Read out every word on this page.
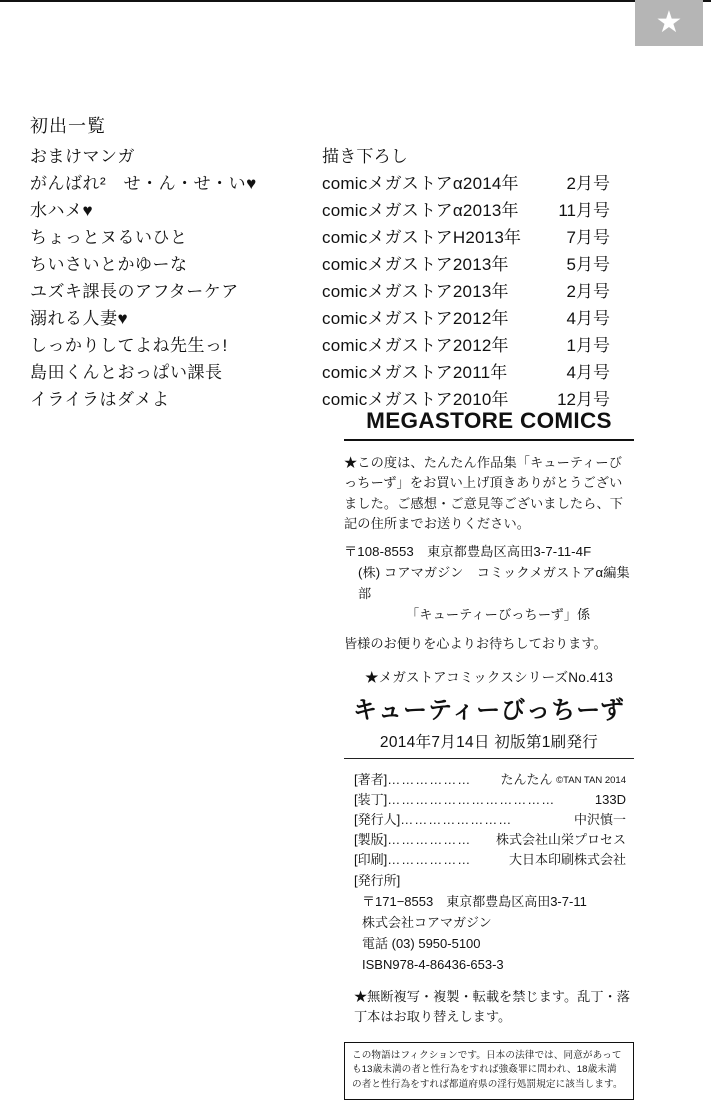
★
初出一覧
おまけマンガ	描き下ろし
がんばれ²　せ・ん・せ・い♥	comicメガストアα2014年	2月号
水ハメ♥	comicメガストアα2013年	11月号
ちょっとヌるいひと	comicメガストアH2013年	7月号
ちいさいとかゆーな	comicメガストア2013年	5月号
ユズキ課長のアフターケア	comicメガストア2013年	2月号
溺れる人妻♥	comicメガストア2012年	4月号
しっかりしてよね先生っ!	comicメガストア2012年	1月号
島田くんとおっぱい課長	comicメガストア2011年	4月号
イライラはダメよ	comicメガストア2010年	12月号
MEGASTORE COMICS
★この度は、たんたん作品集「キューティーびっちーず」をお買い上げ頂きありがとうございました。ご感想・ご意見等ございましたら、下記の住所までお送りください。
〒108-8553　東京都豊島区高田3-7-11-4F
(株) コアマガジン　コミックメガストアα編集部
「キューティーびっちーず」係
皆様のお便りを心よりお待ちしております。
★メガストアコミックスシリーズNo.413
キューティーびっちーず
2014年7月14日 初版第1刷発行
[著者]……………… たんたん ©TAN TAN 2014
[装丁]………………………………	133D
[発行人]……………………	中沢慎一
[製版]……………… 株式会社山栄プロセス
[印刷]………………	大日本印刷株式会社
[発行所]
〒171−8553　東京都豊島区高田3-7-11
株式会社コアマガジン
電話 (03) 5950-5100
ISBN978-4-86436-653-3
★無断複写・複製・転載を禁じます。乱丁・落丁本はお取り替えします。
この物語はフィクションです。日本の法律では、同意があっても13歳未満の者と性行為をすれば強姦罪に問われ、18歳未満の者と性行為をすれば都道府県の淫行処罰規定に該当します。
